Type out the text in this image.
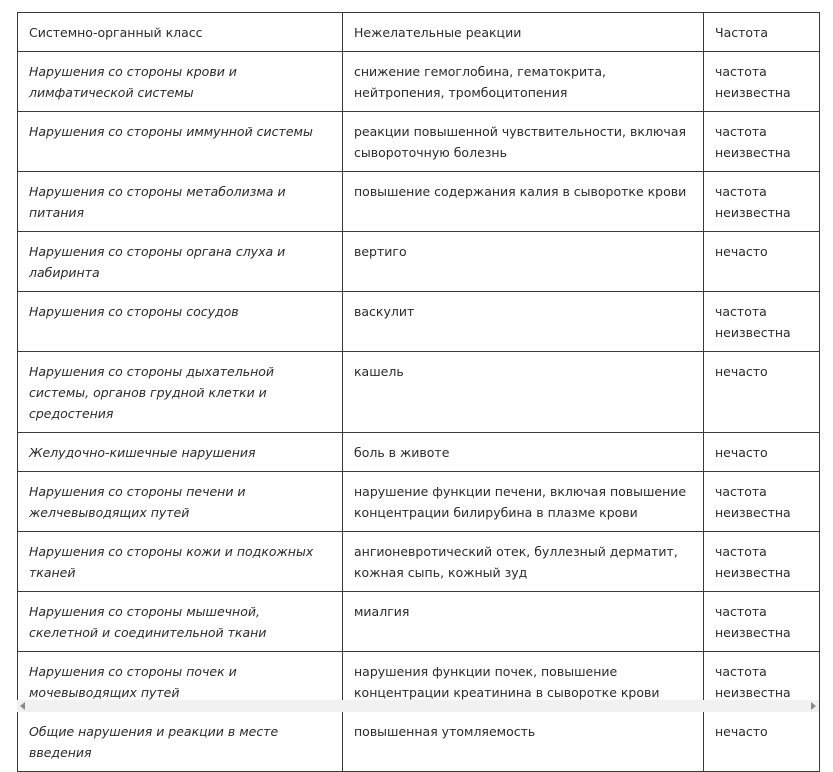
Системно-органный класс	Нежелательные реакции	Частота
Нарушения со стороны крови и лимфатической системы	снижение гемоглобина, гематокрита, нейтропения, тромбоцитопения	частота неизвестна
Нарушения со стороны иммунной системы	реакции повышенной чувствительности, включая сывороточную болезнь	частота неизвестна
Нарушения со стороны метаболизма и питания	повышение содержания калия в сыворотке крови	частота неизвестна
Нарушения со стороны органа слуха и лабиринта	вертиго	нечасто
Нарушения со стороны сосудов	васкулит	частота неизвестна
Нарушения со стороны дыхательной системы, органов грудной клетки и средостения	кашель	нечасто
Желудочно-кишечные нарушения	боль в животе	нечасто
Нарушения со стороны печени и желчевыводящих путей	нарушение функции печени, включая повышение концентрации билирубина в плазме крови	частота неизвестна
Нарушения со стороны кожи и подкожных тканей	ангионевротический отек, буллезный дерматит, кожная сыпь, кожный зуд	частота неизвестна
Нарушения со стороны мышечной, скелетной и соединительной ткани	миалгия	частота неизвестна
Нарушения со стороны почек и мочевыводящих путей	нарушения функции почек, повышение концентрации креатинина в сыворотке крови	частота неизвестна
Общие нарушения и реакции в месте введения	повышенная утомляемость	нечасто
